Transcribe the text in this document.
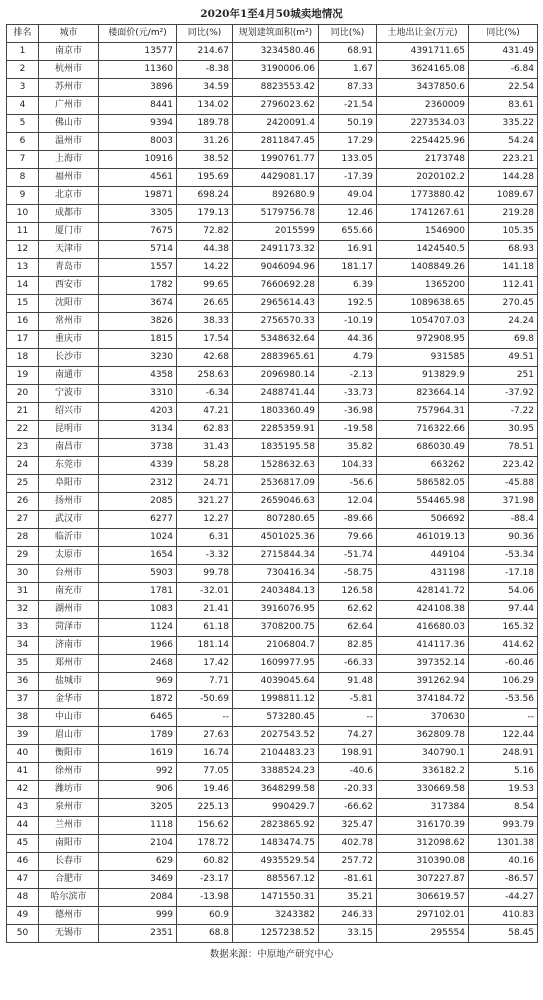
2020年1至4月50城卖地情况
排名	城市	楼面价(元/m²)	同比(%)	规划建筑面积(m²)	同比(%)	土地出让金(万元)	同比(%)
1	南京市	13577	214.67	3234580.46	68.91	4391711.65	431.49
2	杭州市	11360	-8.38	3190006.06	1.67	3624165.08	-6.84
3	苏州市	3896	34.59	8823553.42	87.33	3437850.6	22.54
4	广州市	8441	134.02	2796023.62	-21.54	2360009	83.61
5	佛山市	9394	189.78	2420091.4	50.19	2273534.03	335.22
6	温州市	8003	31.26	2811847.45	17.29	2254425.96	54.24
7	上海市	10916	38.52	1990761.77	133.05	2173748	223.21
8	福州市	4561	195.69	4429081.17	-17.39	2020102.2	144.28
9	北京市	19871	698.24	892680.9	49.04	1773880.42	1089.67
10	成都市	3305	179.13	5179756.78	12.46	1741267.61	219.28
11	厦门市	7675	72.82	2015599	655.66	1546900	105.35
12	天津市	5714	44.38	2491173.32	16.91	1424540.5	68.93
13	青岛市	1557	14.22	9046094.96	181.17	1408849.26	141.18
14	西安市	1782	99.65	7660692.28	6.39	1365200	112.41
15	沈阳市	3674	26.65	2965614.43	192.5	1089638.65	270.45
16	常州市	3826	38.33	2756570.33	-10.19	1054707.03	24.24
17	重庆市	1815	17.54	5348632.64	44.36	972908.95	69.8
18	长沙市	3230	42.68	2883965.61	4.79	931585	49.51
19	南通市	4358	258.63	2096980.14	-2.13	913829.9	251
20	宁波市	3310	-6.34	2488741.44	-33.73	823664.14	-37.92
21	绍兴市	4203	47.21	1803360.49	-36.98	757964.31	-7.22
22	昆明市	3134	62.83	2285359.91	-19.58	716322.66	30.95
23	南昌市	3738	31.43	1835195.58	35.82	686030.49	78.51
24	东莞市	4339	58.28	1528632.63	104.33	663262	223.42
25	阜阳市	2312	24.71	2536817.09	-56.6	586582.05	-45.88
26	扬州市	2085	321.27	2659046.63	12.04	554465.98	371.98
27	武汉市	6277	12.27	807280.65	-89.66	506692	-88.4
28	临沂市	1024	6.31	4501025.36	79.66	461019.13	90.36
29	太原市	1654	-3.32	2715844.34	-51.74	449104	-53.34
30	台州市	5903	99.78	730416.34	-58.75	431198	-17.18
31	南充市	1781	-32.01	2403484.13	126.58	428141.72	54.06
32	湖州市	1083	21.41	3916076.95	62.62	424108.38	97.44
33	菏泽市	1124	61.18	3708200.75	62.64	416680.03	165.32
34	济南市	1966	181.14	2106804.7	82.85	414117.36	414.62
35	郑州市	2468	17.42	1609977.95	-66.33	397352.14	-60.46
36	盐城市	969	7.71	4039045.64	91.48	391262.94	106.29
37	金华市	1872	-50.69	1998811.12	-5.81	374184.72	-53.56
38	中山市	6465	--	573280.45	--	370630	--
39	眉山市	1789	27.63	2027543.52	74.27	362809.78	122.44
40	衡阳市	1619	16.74	2104483.23	198.91	340790.1	248.91
41	徐州市	992	77.05	3388524.23	-40.6	336182.2	5.16
42	潍坊市	906	19.46	3648299.58	-20.33	330669.58	19.53
43	泉州市	3205	225.13	990429.7	-66.62	317384	8.54
44	兰州市	1118	156.62	2823865.92	325.47	316170.39	993.79
45	南阳市	2104	178.72	1483474.75	402.78	312098.62	1301.38
46	长春市	629	60.82	4935529.54	257.72	310390.08	40.16
47	合肥市	3469	-23.17	885567.12	-81.61	307227.87	-86.57
48	哈尔滨市	2084	-13.98	1471550.31	35.21	306619.57	-44.27
49	德州市	999	60.9	3243382	246.33	297102.01	410.83
50	无锡市	2351	68.8	1257238.52	33.15	295554	58.45
数据来源：中原地产研究中心
